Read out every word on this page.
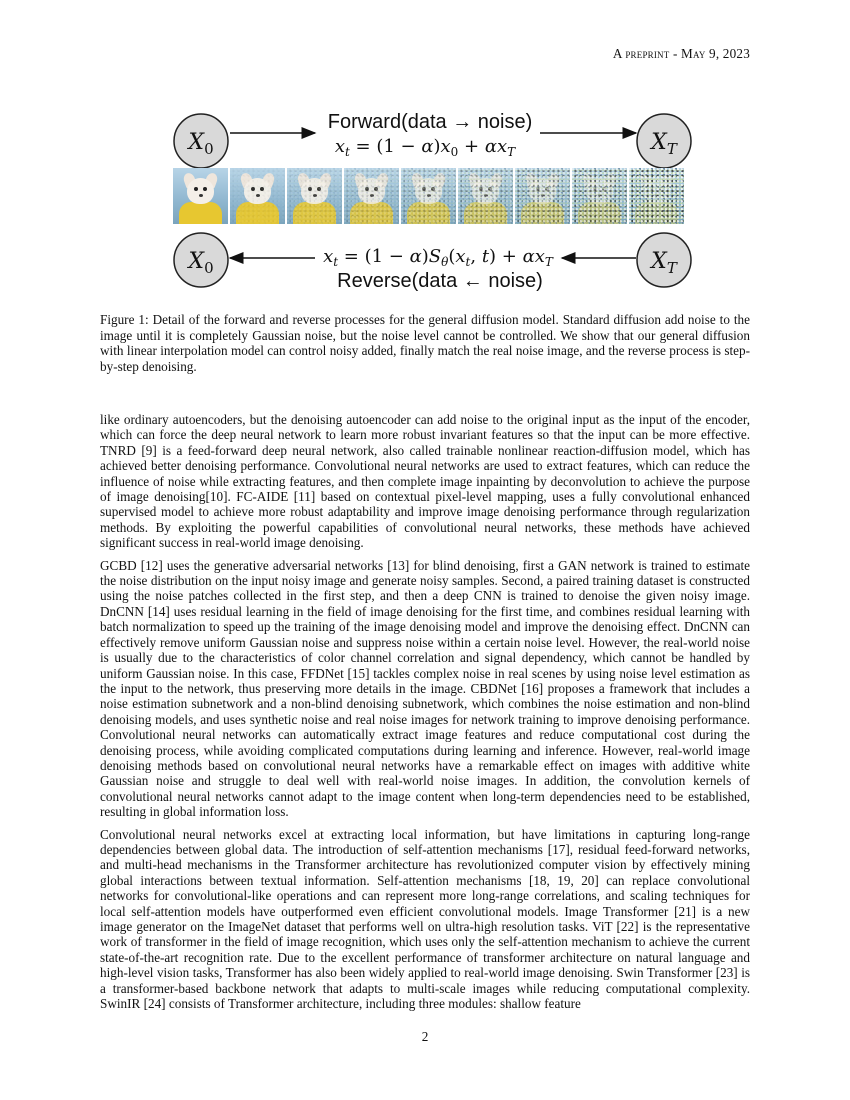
A preprint - May 9, 2023
$X_0$
Forward(data → noise)
$x_t = (1 - \alpha)x_0 + \alpha x_T$	$X_T$
$X_0$
$x_t = (1 - \alpha)S_\theta(x_t$, $t) + \alpha x_T$
Reverse(data ← noise)
$X_T$
Figure 1: Detail of the forward and reverse processes for the general diffusion model. Standard diffusion add noise to the image until it is completely Gaussian noise, but the noise level cannot be controlled. We show that our general diffusion with linear interpolation model can control noisy added, finally match the real noise image, and the reverse process is step-by-step denoising.

like ordinary autoencoders, but the denoising autoencoder can add noise to the original input as the input of the encoder, which can force the deep neural network to learn more robust invariant features so that the input can be more effective. TNRD [9] is a feed-forward deep neural network, also called trainable nonlinear reaction-diffusion model, which has achieved better denoising performance. Convolutional neural networks are used to extract features, which can reduce the influence of noise while extracting features, and then complete image inpainting by deconvolution to achieve the purpose of image denoising[10]. FC-AIDE [11] based on contextual pixel-level mapping, uses a fully convolutional enhanced supervised model to achieve more robust adaptability and improve image denoising performance through regularization methods. By exploiting the powerful capabilities of convolutional neural networks, these methods have achieved significant success in real-world image denoising.

GCBD [12] uses the generative adversarial networks [13] for blind denoising, first a GAN network is trained to estimate the noise distribution on the input noisy image and generate noisy samples. Second, a paired training dataset is constructed using the noise patches collected in the first step, and then a deep CNN is trained to denoise the given noisy image. DnCNN [14] uses residual learning in the field of image denoising for the first time, and combines residual learning with batch normalization to speed up the training of the image denoising model and improve the denoising effect. DnCNN can effectively remove uniform Gaussian noise and suppress noise within a certain noise level. However, the real-world noise is usually due to the characteristics of color channel correlation and signal dependency, which cannot be handled by uniform Gaussian noise. In this case, FFDNet [15] tackles complex noise in real scenes by using noise level estimation as the input to the network, thus preserving more details in the image. CBDNet [16] proposes a framework that includes a noise estimation subnetwork and a non-blind denoising subnetwork, which combines the noise estimation and non-blind denoising models, and uses synthetic noise and real noise images for network training to improve denoising performance. Convolutional neural networks can automatically extract image features and reduce computational cost during the denoising process, while avoiding complicated computations during learning and inference. However, real-world image denoising methods based on convolutional neural networks have a remarkable effect on images with additive white Gaussian noise and struggle to deal well with real-world noise images. In addition, the convolution kernels of convolutional neural networks cannot adapt to the image content when long-term dependencies need to be established, resulting in global information loss.

Convolutional neural networks excel at extracting local information, but have limitations in capturing long-range dependencies between global data. The introduction of self-attention mechanisms [17], residual feed-forward networks, and multi-head mechanisms in the Transformer architecture has revolutionized computer vision by effectively mining global interactions between textual information. Self-attention mechanisms [18, 19, 20] can replace convolutional networks for convolutional-like operations and can represent more long-range correlations, and scaling techniques for local self-attention models have outperformed even efficient convolutional models. Image Transformer [21] is a new image generator on the ImageNet dataset that performs well on ultra-high resolution tasks. ViT [22] is the representative work of transformer in the field of image recognition, which uses only the self-attention mechanism to achieve the current state-of-the-art recognition rate. Due to the excellent performance of transformer architecture on natural language and high-level vision tasks, Transformer has also been widely applied to real-world image denoising. Swin Transformer [23] is a transformer-based backbone network that adapts to multi-scale images while reducing computational complexity. SwinIR [24] consists of Transformer architecture, including three modules: shallow feature

2
